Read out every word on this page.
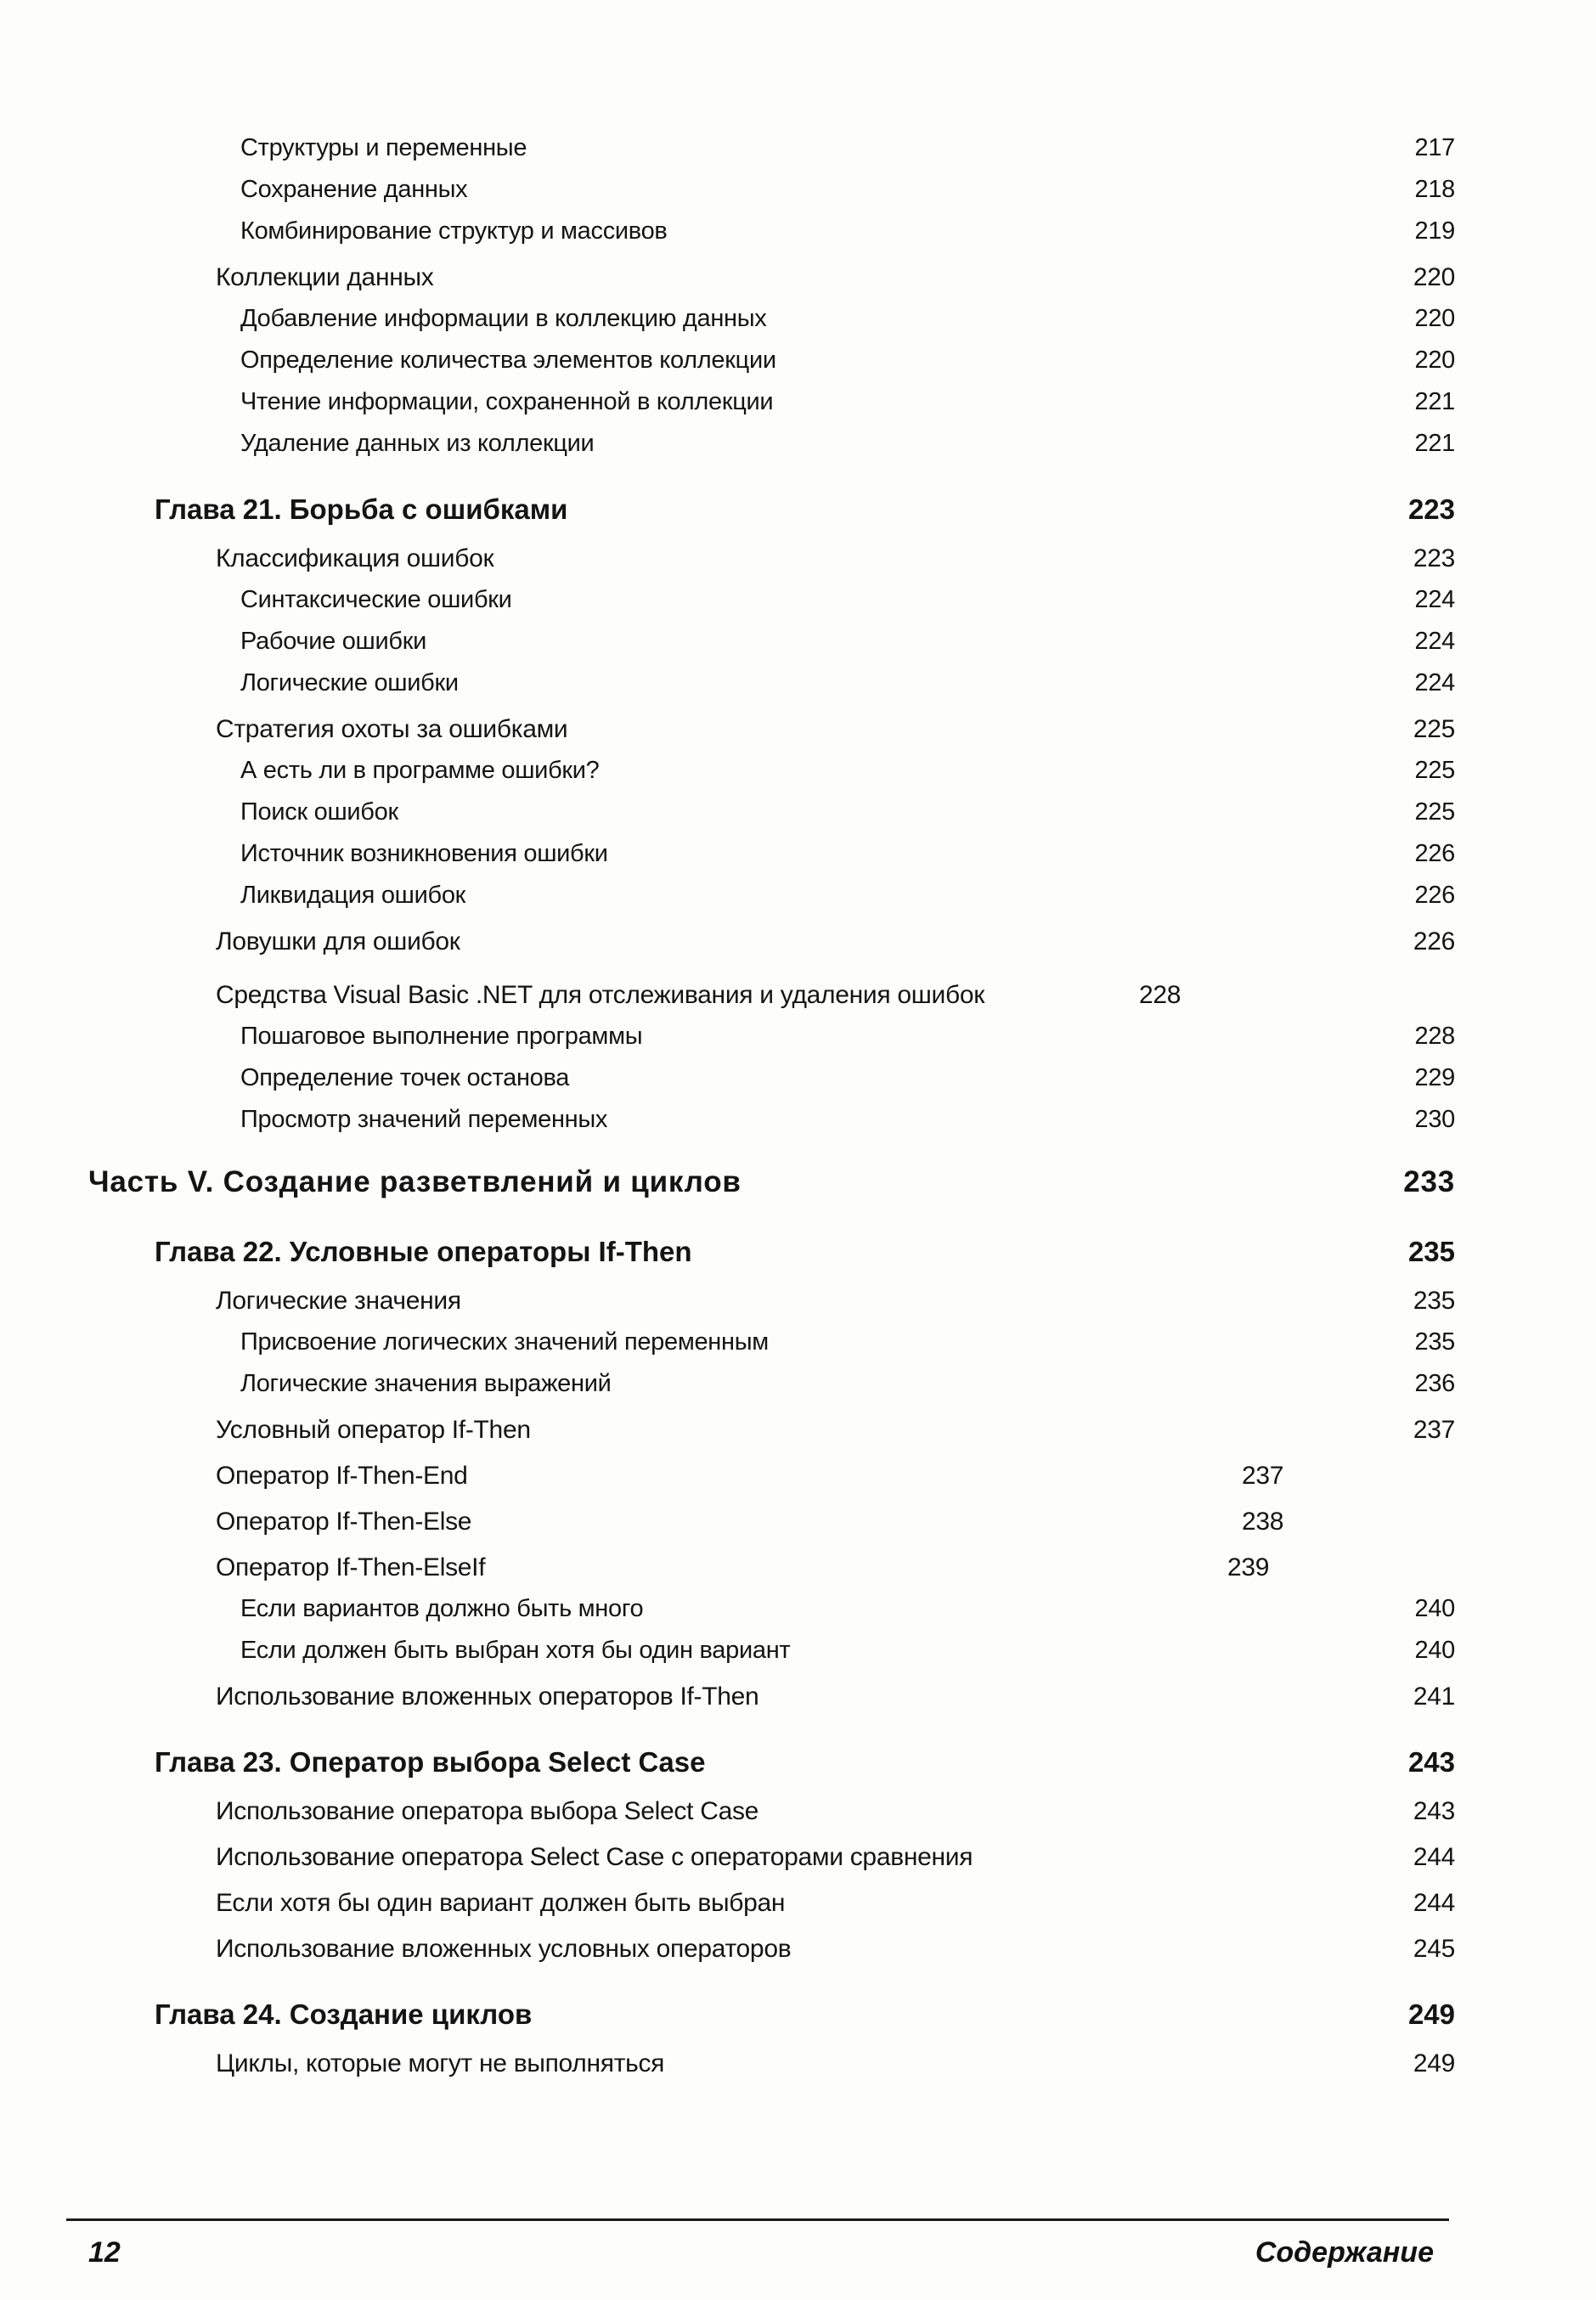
Структуры и переменные	217
Сохранение данных	218
Комбинирование структур и массивов	219
Коллекции данных	220
Добавление информации в коллекцию данных	220
Определение количества элементов коллекции	220
Чтение информации, сохраненной в коллекции	221
Удаление данных из коллекции	221
Глава 21. Борьба с ошибками	223
Классификация ошибок	223
Синтаксические ошибки	224
Рабочие ошибки	224
Логические ошибки	224
Стратегия охоты за ошибками	225
А есть ли в программе ошибки?	225
Поиск ошибок	225
Источник возникновения ошибки	226
Ликвидация ошибок	226
Ловушки для ошибок	226
Средства Visual Basic .NET для отслеживания и удаления ошибок	228
Пошаговое выполнение программы	228
Определение точек останова	229
Просмотр значений переменных	230
Часть V. Создание разветвлений и циклов	233
Глава 22. Условные операторы If-Then	235
Логические значения	235
Присвоение логических значений переменным	235
Логические значения выражений	236
Условный оператор If-Then	237
Оператор If-Then-End	237
Оператор If-Then-Else	238
Оператор If-Then-ElseIf	239
Если вариантов должно быть много	240
Если должен быть выбран хотя бы один вариант	240
Использование вложенных операторов If-Then	241
Глава 23. Оператор выбора Select Case	243
Использование оператора выбора Select Case	243
Использование оператора Select Case с операторами сравнения	244
Если хотя бы один вариант должен быть выбран	244
Использование вложенных условных операторов	245
Глава 24. Создание циклов	249
Циклы, которые могут не выполняться	249
12	Содержание
